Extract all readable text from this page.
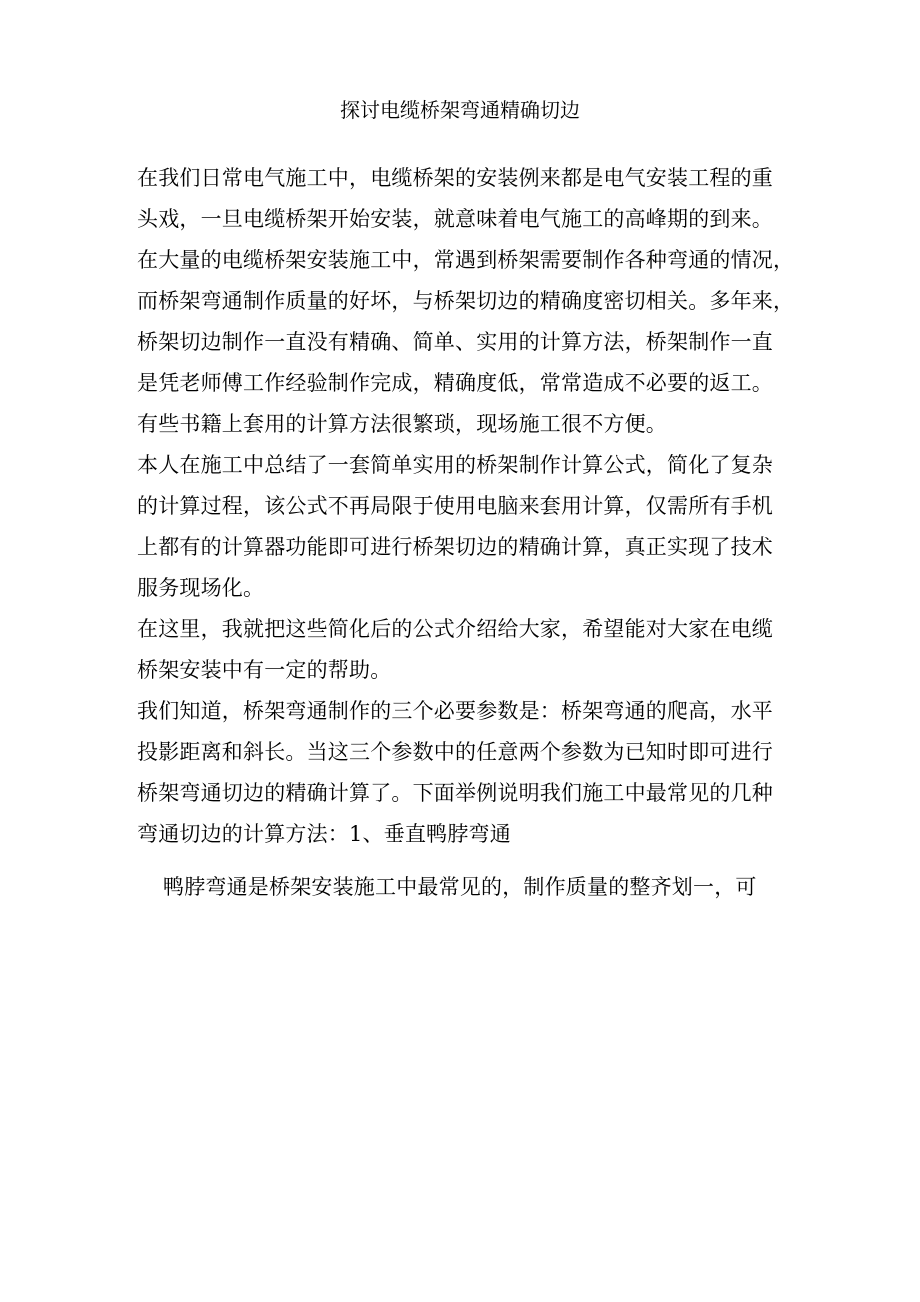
探讨电缆桥架弯通精确切边
在我们日常电气施工中，电缆桥架的安装例来都是电气安装工程的重
头戏，一旦电缆桥架开始安装，就意味着电气施工的高峰期的到来。
在大量的电缆桥架安装施工中，常遇到桥架需要制作各种弯通的情况，
而桥架弯通制作质量的好坏，与桥架切边的精确度密切相关。多年来，
桥架切边制作一直没有精确、简单、实用的计算方法，桥架制作一直
是凭老师傅工作经验制作完成，精确度低，常常造成不必要的返工。
有些书籍上套用的计算方法很繁琐，现场施工很不方便。
本人在施工中总结了一套简单实用的桥架制作计算公式，简化了复杂
的计算过程，该公式不再局限于使用电脑来套用计算，仅需所有手机
上都有的计算器功能即可进行桥架切边的精确计算，真正实现了技术
服务现场化。
在这里，我就把这些简化后的公式介绍给大家，希望能对大家在电缆
桥架安装中有一定的帮助。
我们知道，桥架弯通制作的三个必要参数是：桥架弯通的爬高，水平
投影距离和斜长。当这三个参数中的任意两个参数为已知时即可进行
桥架弯通切边的精确计算了。下面举例说明我们施工中最常见的几种
弯通切边的计算方法：1、垂直鸭脖弯通
鸭脖弯通是桥架安装施工中最常见的，制作质量的整齐划一，可
